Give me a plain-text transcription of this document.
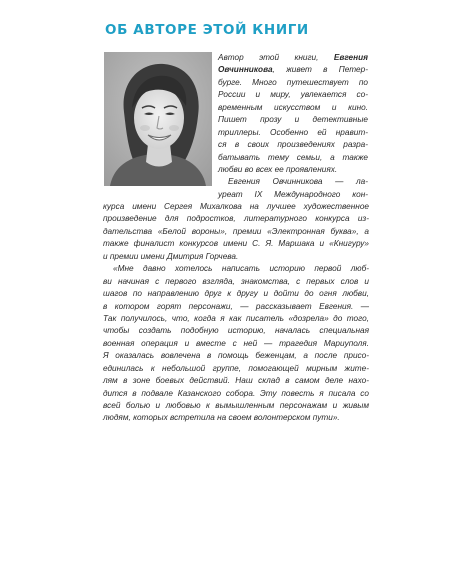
ОБ АВТОРЕ ЭТОЙ КНИГИ
Автор этой книги, Евгения
Овчинникова, живет в Петер-
бурге. Много путешествует по
России и миру, увлекается со-
временным искусством и кино.
Пишет прозу и детективные
триллеры. Особенно ей нравит-
ся в своих произведениях разра-
батывать тему семьи, а также
любви во всех ее проявлениях.
Евгения Овчинникова — ла-
уреат IX Международного кон-
курса имени Сергея Михалкова на лучшее художественное
произведение для подростков, литературного конкурса из-
дательства «Белой вороны», премии «Электронная буква», а
также финалист конкурсов имени С. Я. Маршака и «Книгуру»
и премии имени Дмитрия Горчева.
«Мне давно хотелось написать историю первой люб-
ви начиная с первого взгляда, знакомства, с первых слов и
шагов по направлению друг к другу и дойти до огня любви,
в котором горят персонажи, — рассказывает Евгения. —
Так получилось, что, когда я как писатель «дозрела» до того,
чтобы создать подобную историю, началась специальная
военная операция и вместе с ней — трагедия Мариуполя.
Я оказалась вовлечена в помощь беженцам, а после присо-
единилась к небольшой группе, помогающей мирным жите-
лям в зоне боевых действий. Наш склад в самом деле нахо-
дится в подвале Казанского собора. Эту повесть я писала со
всей болью и любовью к вымышленным персонажам и живым
людям, которых встретила на своем волонтерском пути».
